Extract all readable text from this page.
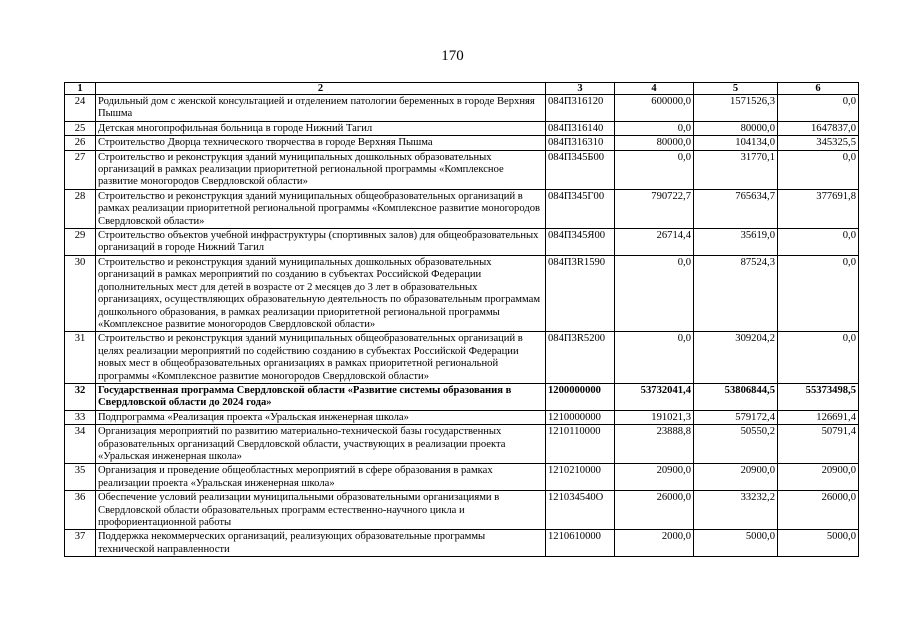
170
1	2	3	4	5	6
24	Родильный дом с женской консультацией и отделением патологии беременных в городе Верхняя Пышма	084П316120	600000,0	1571526,3	0,0
25	Детская многопрофильная больница в городе Нижний Тагил	084П316140	0,0	80000,0	1647837,0
26	Строительство Дворца технического творчества в городе Верхняя Пышма	084П316310	80000,0	104134,0	345325,5
27	Строительство и реконструкция зданий муниципальных дошкольных образовательных организаций в рамках реализации приоритетной региональной программы «Комплексное развитие моногородов Свердловской области»	084П345Б00	0,0	31770,1	0,0
28	Строительство и реконструкция зданий муниципальных общеобразовательных организаций в рамках реализации приоритетной региональной программы «Комплексное развитие моногородов Свердловской области»	084П345Г00	790722,7	765634,7	377691,8
29	Строительство объектов учебной инфраструктуры (спортивных залов) для общеобразовательных организаций в городе Нижний Тагил	084П345Я00	26714,4	35619,0	0,0
30	Строительство и реконструкция зданий муниципальных дошкольных образовательных организаций в рамках мероприятий по созданию в субъектах Российской Федерации дополнительных мест для детей в возрасте от 2 месяцев до 3 лет в образовательных организациях, осуществляющих образовательную деятельность по образовательным программам дошкольного образования, в рамках реализации приоритетной региональной программы «Комплексное развитие моногородов Свердловской области»	084П3R1590	0,0	87524,3	0,0
31	Строительство и реконструкция зданий муниципальных общеобразовательных организаций в целях реализации мероприятий по содействию созданию в субъектах Российской Федерации новых мест в общеобразовательных организациях в рамках приоритетной региональной программы «Комплексное развитие моногородов Свердловской области»	084П3R5200	0,0	309204,2	0,0
32	Государственная программа Свердловской области «Развитие системы образования в Свердловской области до 2024 года»	1200000000	53732041,4	53806844,5	55373498,5
33	Подпрограмма «Реализация проекта «Уральская инженерная школа»	1210000000	191021,3	579172,4	126691,4
34	Организация мероприятий по развитию материально-технической базы государственных образовательных организаций Свердловской области, участвующих в реализации проекта «Уральская инженерная школа»	1210110000	23888,8	50550,2	50791,4
35	Организация и проведение общеобластных мероприятий в сфере образования в рамках реализации проекта «Уральская инженерная школа»	1210210000	20900,0	20900,0	20900,0
36	Обеспечение условий реализации муниципальными образовательными организациями в Свердловской области образовательных программ естественно-научного цикла и профориентационной работы	121034540О	26000,0	33232,2	26000,0
37	Поддержка некоммерческих организаций, реализующих образовательные программы технической направленности	1210610000	2000,0	5000,0	5000,0
